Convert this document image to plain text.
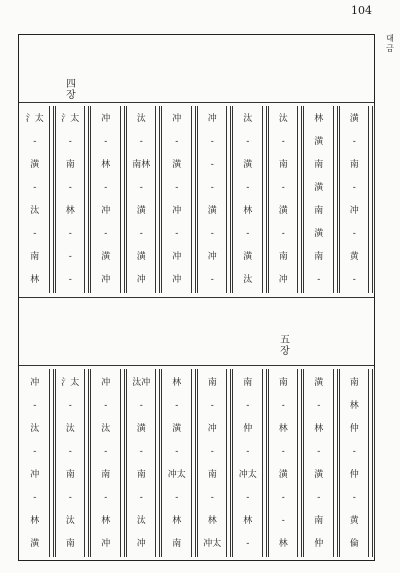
104
대금
四
장
五
장
氵太
-
潢
-
汰
-
南
林
氵太
-
南
-
林
-
-
-
冲
-
林
-
冲
-
潢
冲
汰
-
南林
-
潢
-
潢
冲
冲
-
潢
-
冲
-
冲
冲
冲
-
-
-
潢
-
冲
-
汰
-
潢
-
林
-
潢
汰
汰
-
南
-
潢
-
南
冲
林
潢
南
潢
南
潢
南
-
潢
-
南
-
冲
-
黄
-
冲
-
汰
-
冲
-
林
潢
氵太
-
汰
-
南
-
汰
南
冲
-
汰
-
南
-
林
冲
汰冲
-
潢
-
南
-
汰
冲
林
-
潢
-
冲太
-
林
南
南
-
冲
-
南
-
林
冲太
南
-
仲
-
冲太
-
林
-
南
-
林
-
潢
-
-
林
潢
-
林
-
潢
-
南
仲
南
林
仲
-
仲
-
黄
倫
